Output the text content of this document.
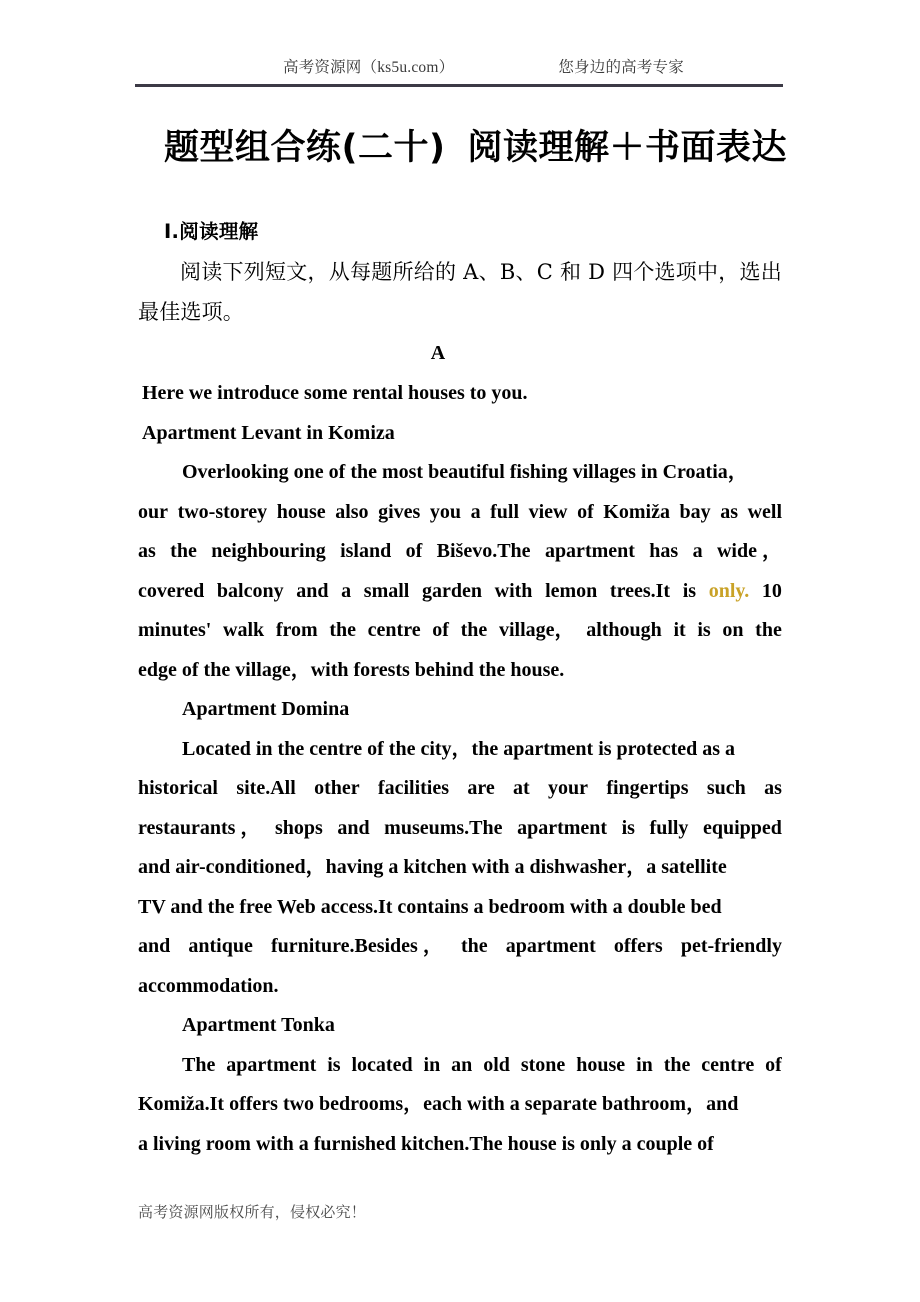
高考资源网（ks5u.com）	您身边的高考专家
题型组合练(二十) 阅读理解＋书面表达
Ⅰ.阅读理解
阅读下列短文，从每题所给的 A、B、C 和 D 四个选项中，选出最佳选项。
A
Here we introduce some rental houses to you.
Apartment Levant in Komiza
Overlooking one of the most beautiful fishing villages in Croatia，
our two-storey house also gives you a full view of Komiža bay as well
as the neighbouring island of Biševo.The apartment has a wide ，
covered balcony and a small garden with lemon trees.It is only. 10
minutes' walk from the centre of the village， although it is on the
edge of the village，with forests behind the house.
Apartment Domina
Located in the centre of the city，the apartment is protected as a
historical site.All other facilities are at your fingertips such as
restaurants ， shops and museums.The apartment is fully equipped
and air-conditioned，having a kitchen with a dishwasher，a satellite
TV and the free Web access.It contains a bedroom with a double bed
and antique furniture.Besides ， the apartment offers pet-friendly
accommodation.
Apartment Tonka
The apartment is located in an old stone house in the centre of
Komiža.It offers two bedrooms，each with a separate bathroom，and
a living room with a furnished kitchen.The house is only a couple of
高考资源网版权所有，侵权必究！
